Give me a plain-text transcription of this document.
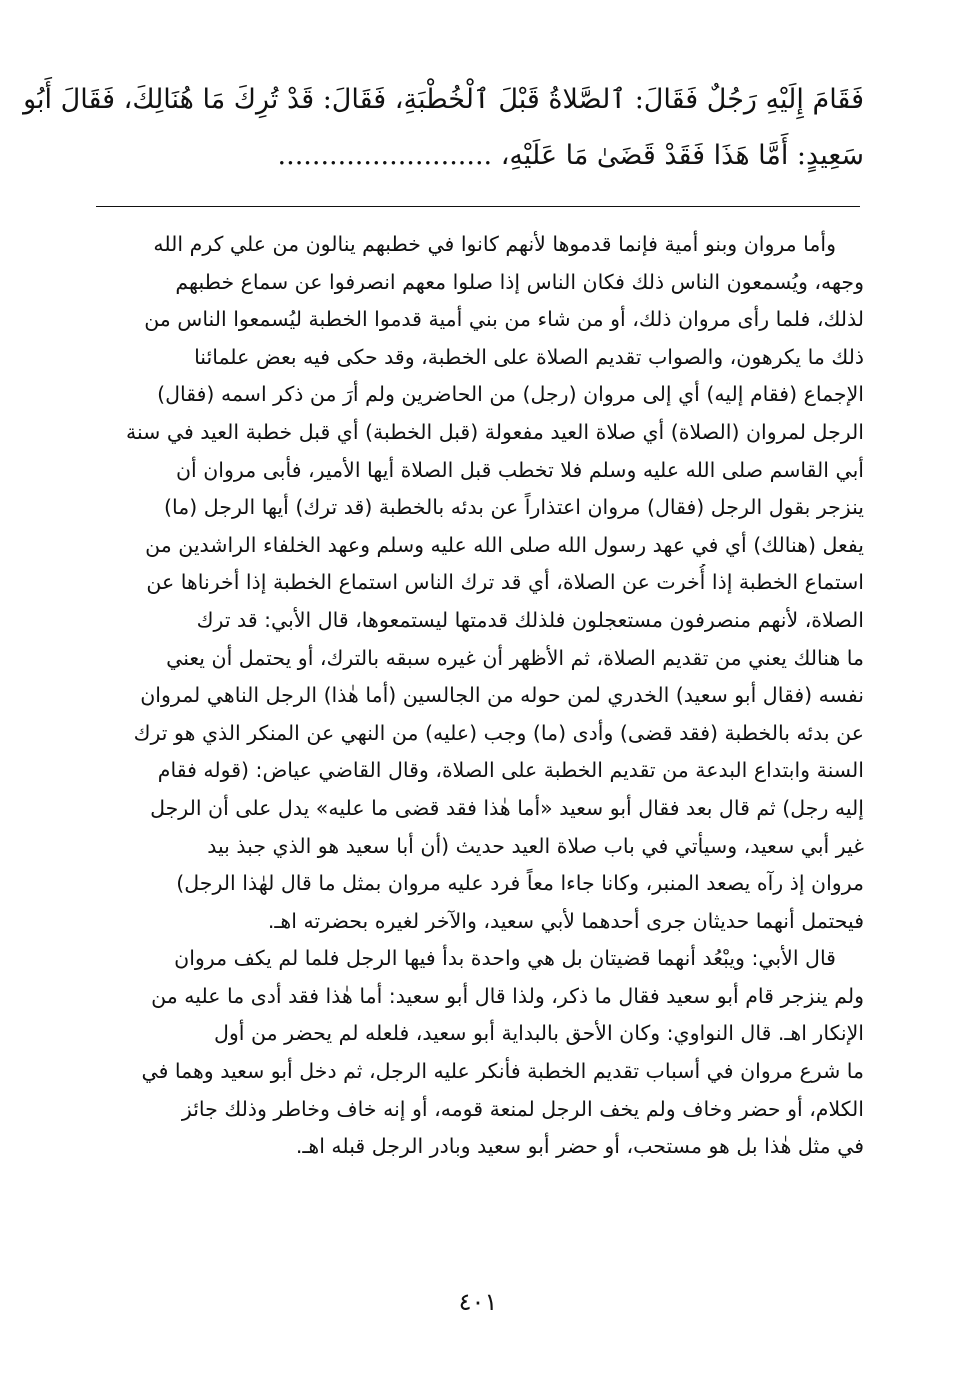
فَقَامَ إِلَيْهِ رَجُلٌ فَقَالَ: ٱلصَّلاةُ قَبْلَ ٱلْخُطْبَةِ، فَقَالَ: قَدْ تُرِكَ مَا هُنَالِكَ، فَقَالَ أَبُو
سَعِيدٍ: أَمَّا هَذَا فَقَدْ قَضَىٰ مَا عَلَيْهِ، .........................
وأما مروان وبنو أمية فإنما قدموها لأنهم كانوا في خطبهم ينالون من علي كرم الله
وجهه، ويُسمعون الناس ذلك فكان الناس إذا صلوا معهم انصرفوا عن سماع خطبهم
لذلك، فلما رأى مروان ذلك، أو من شاء من بني أمية قدموا الخطبة ليُسمعوا الناس من
ذلك ما يكرهون، والصواب تقديم الصلاة على الخطبة، وقد حكى فيه بعض علمائنا
الإجماع (فقام إليه) أي إلى مروان (رجل) من الحاضرين ولم أرَ من ذكر اسمه (فقال)
الرجل لمروان (الصلاة) أي صلاة العيد مفعولة (قبل الخطبة) أي قبل خطبة العيد في سنة
أبي القاسم صلى الله عليه وسلم فلا تخطب قبل الصلاة أيها الأمير، فأبى مروان أن
ينزجر بقول الرجل (فقال) مروان اعتذاراً عن بدئه بالخطبة (قد ترك) أيها الرجل (ما)
يفعل (هنالك) أي في عهد رسول الله صلى الله عليه وسلم وعهد الخلفاء الراشدين من
استماع الخطبة إذا أُخرت عن الصلاة، أي قد ترك الناس استماع الخطبة إذا أخرناها عن
الصلاة، لأنهم منصرفون مستعجلون فلذلك قدمتها ليستمعوها، قال الأبي: قد ترك
ما هنالك يعني من تقديم الصلاة، ثم الأظهر أن غيره سبقه بالترك، أو يحتمل أن يعني
نفسه (فقال أبو سعيد) الخدري لمن حوله من الجالسين (أما هٰذا) الرجل الناهي لمروان
عن بدئه بالخطبة (فقد قضى) وأدى (ما) وجب (عليه) من النهي عن المنكر الذي هو ترك
السنة وابتداع البدعة من تقديم الخطبة على الصلاة، وقال القاضي عياض: (قوله فقام
إليه رجل) ثم قال بعد فقال أبو سعيد «أما هٰذا فقد قضى ما عليه» يدل على أن الرجل
غير أبي سعيد، وسيأتي في باب صلاة العيد حديث (أن أبا سعيد هو الذي جبذ بيد
مروان إذ رآه يصعد المنبر، وكانا جاءا معاً فرد عليه مروان بمثل ما قال لهٰذا الرجل)
فيحتمل أنهما حديثان جرى أحدهما لأبي سعيد، والآخر لغيره بحضرته اهـ.
قال الأبي: ويبْعُد أنهما قضيتان بل هي واحدة بدأ فيها الرجل فلما لم يكف مروان
ولم ينزجر قام أبو سعيد فقال ما ذكر، ولذا قال أبو سعيد: أما هٰذا فقد أدى ما عليه من
الإنكار اهـ. قال النواوي: وكان الأحق بالبداية أبو سعيد، فلعله لم يحضر من أول
ما شرع مروان في أسباب تقديم الخطبة فأنكر عليه الرجل، ثم دخل أبو سعيد وهما في
الكلام، أو حضر وخاف ولم يخف الرجل لمنعة قومه، أو إنه خاف وخاطر وذلك جائز
في مثل هٰذا بل هو مستحب، أو حضر أبو سعيد وبادر الرجل قبله اهـ.
٤٠١
